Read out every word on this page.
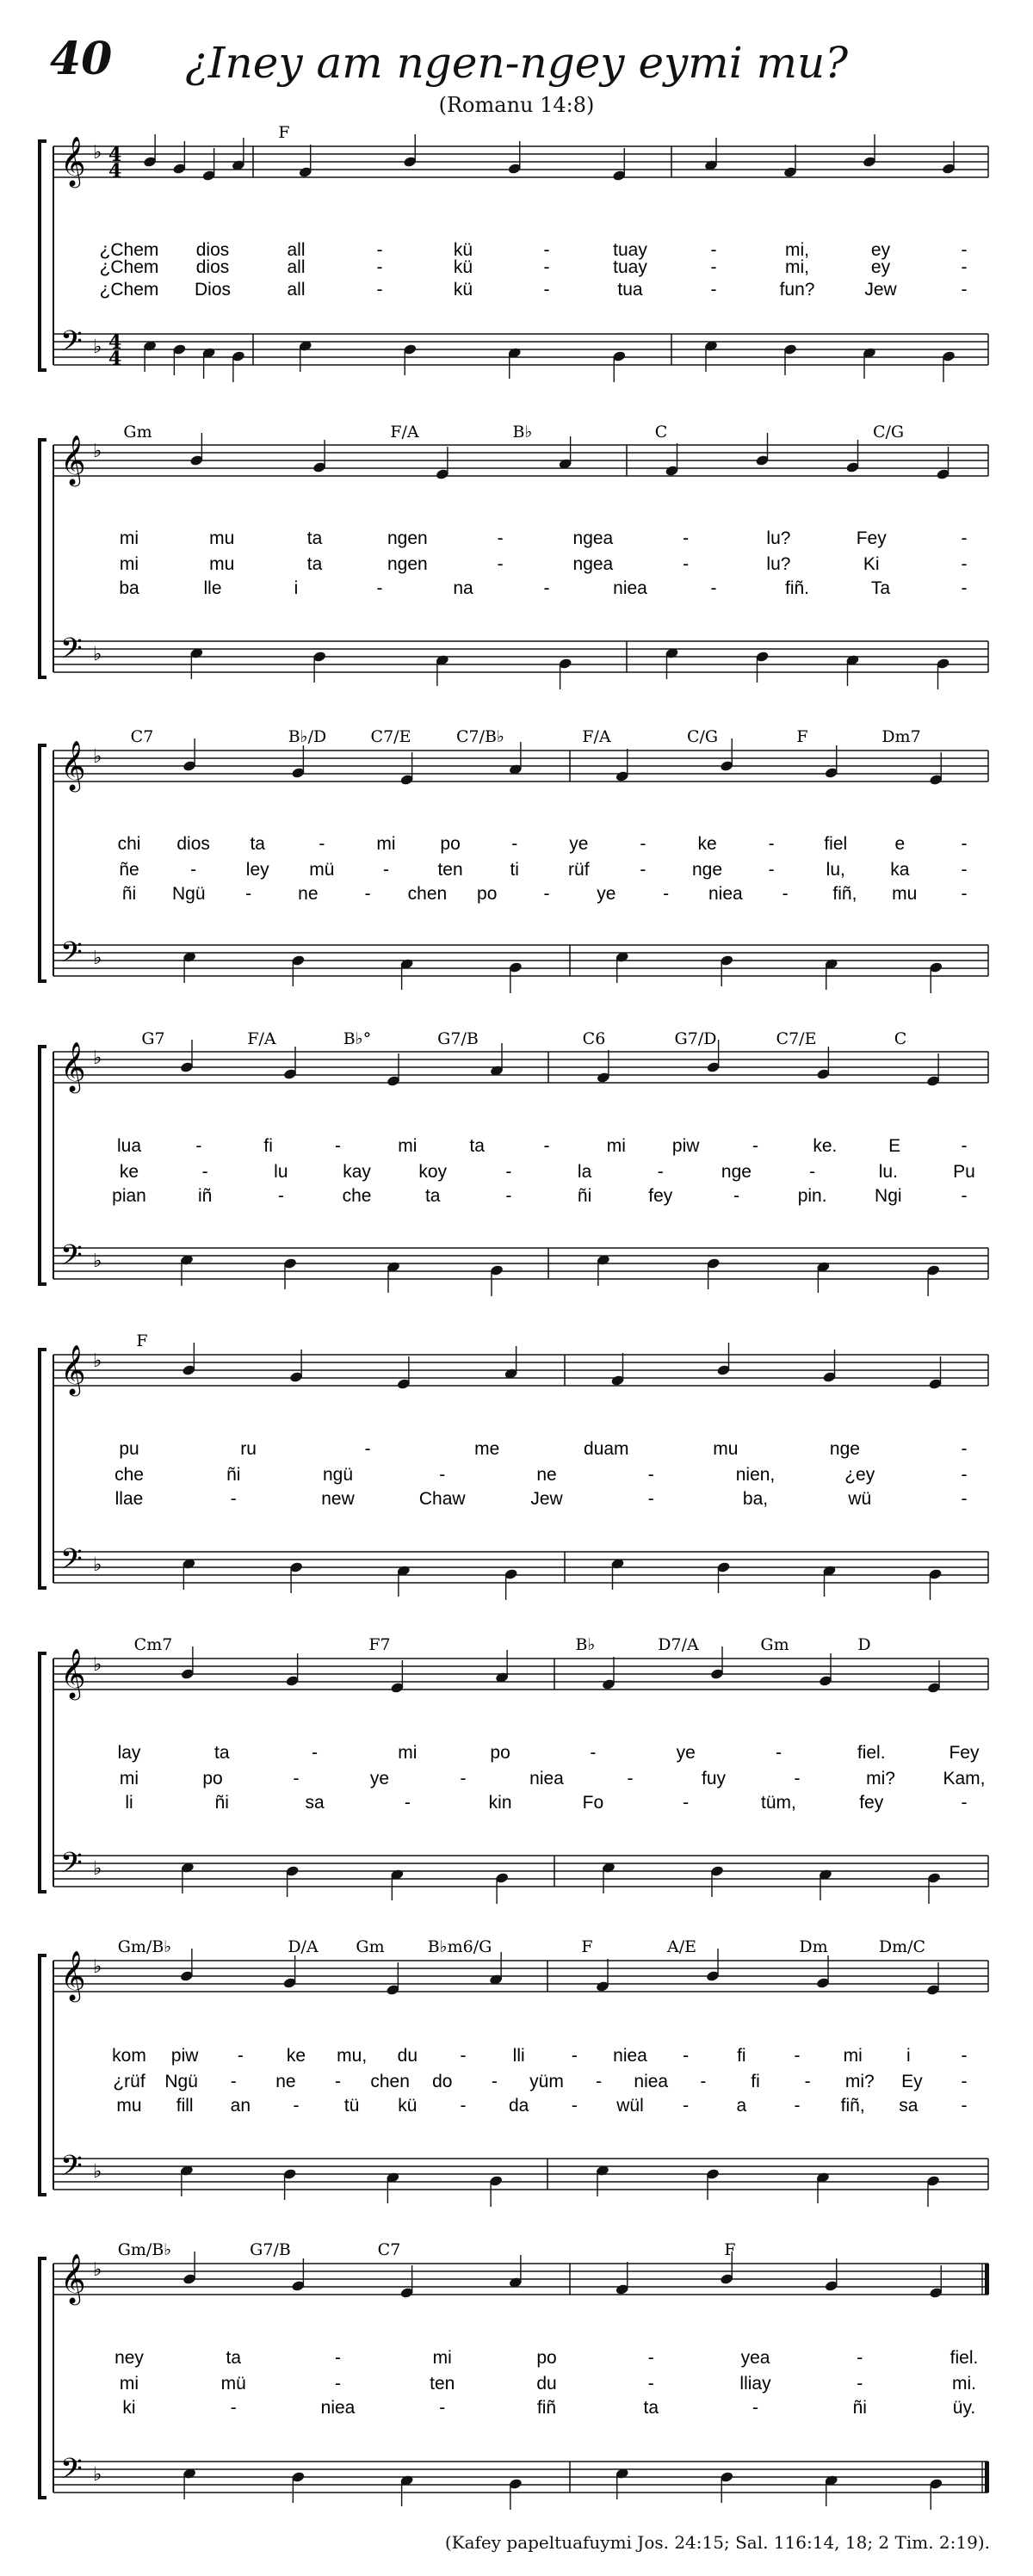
40	¿Iney am ngen-ngey eymi mu?
(Romanu 14:8)
𝄞 ♭ 4
4
𝄢 ♭ 4
4
F
¿Chem dios	all	-	kü	-	tuay	-	mi,	ey	-
¿Chem dios	all	-	kü	-	tuay	-	mi,	ey	-
¿Chem Dios	all	-	kü	-	tua	-	fun?	Jew	-
𝄞 ♭
𝄢 ♭
Gm	F/A	B♭	C	C/G
mi	mu	ta	ngen	-	ngea	-	lu?	Fey	-
mi	mu	ta	ngen	-	ngea	-	lu?	Ki	-
ba	lle	i	-	na	-	niea	-	fiñ.	Ta	-
𝄞 ♭
𝄢 ♭
C7	B♭/D	C7/E	C7/B♭	F/A	C/G	F	Dm7
chi dios ta	-	mi po	-	ye	-	ke	-	fiel	e	-
ñe	-	ley mü	-	ten	ti	rüf	-	nge	-	lu, ka	-
ñi Ngü -	ne	- chen po	-	ye	- niea - fiñ, mu -
𝄞 ♭
𝄢 ♭
G7	F/A	B♭°	G7/B	C6	G7/D	C7/E	C
lua	-	fi	-	mi	ta	-	mi	piw	-	ke.	E	-
ke	-	lu	kay	koy	-	la	-	nge	-	lu.	Pu
pian	iñ	-	che	ta	-	ñi	fey	-	pin.	Ngi	-
𝄞 ♭
𝄢 ♭
F
pu	ru	-	me	duam	mu	nge	-
che	ñi	ngü	-	ne	-	nien,	¿ey	-
llae	-	new	Chaw	Jew	-	ba,	wü	-
𝄞 ♭
𝄢 ♭
Cm7	F7	B♭	D7/A	Gm	D
lay	ta	-	mi	po	-	ye	-	fiel.	Fey
mi	po	-	ye	-	niea	-	fuy	-	mi?	Kam,
li	ñi	sa	-	kin	Fo	-	tüm,	fey	-
𝄞 ♭
𝄢 ♭
Gm/B♭	D/A Gm	B♭m6/G	F	A/E	Dm	Dm/C
kom piw - ke mu, du -	lli	- niea -	fi	- mi i	-
¿rüf Ngü - ne - chen do - yüm - niea - fi - mi? Ey -
mu fill an - tü kü - da - wül -	a	- fiñ, sa -
𝄞 ♭
𝄢 ♭
Gm/B♭	G7/B	C7	F
ney	ta	-	mi	po	-	yea	-	fiel.
mi	mü	-	ten	du	-	lliay	-	mi.
ki	-	niea	-	fiñ	ta	-	ñi	üy.
(Kafey papeltuafuymi Jos. 24:15; Sal. 116:14, 18; 2 Tim. 2:19).
